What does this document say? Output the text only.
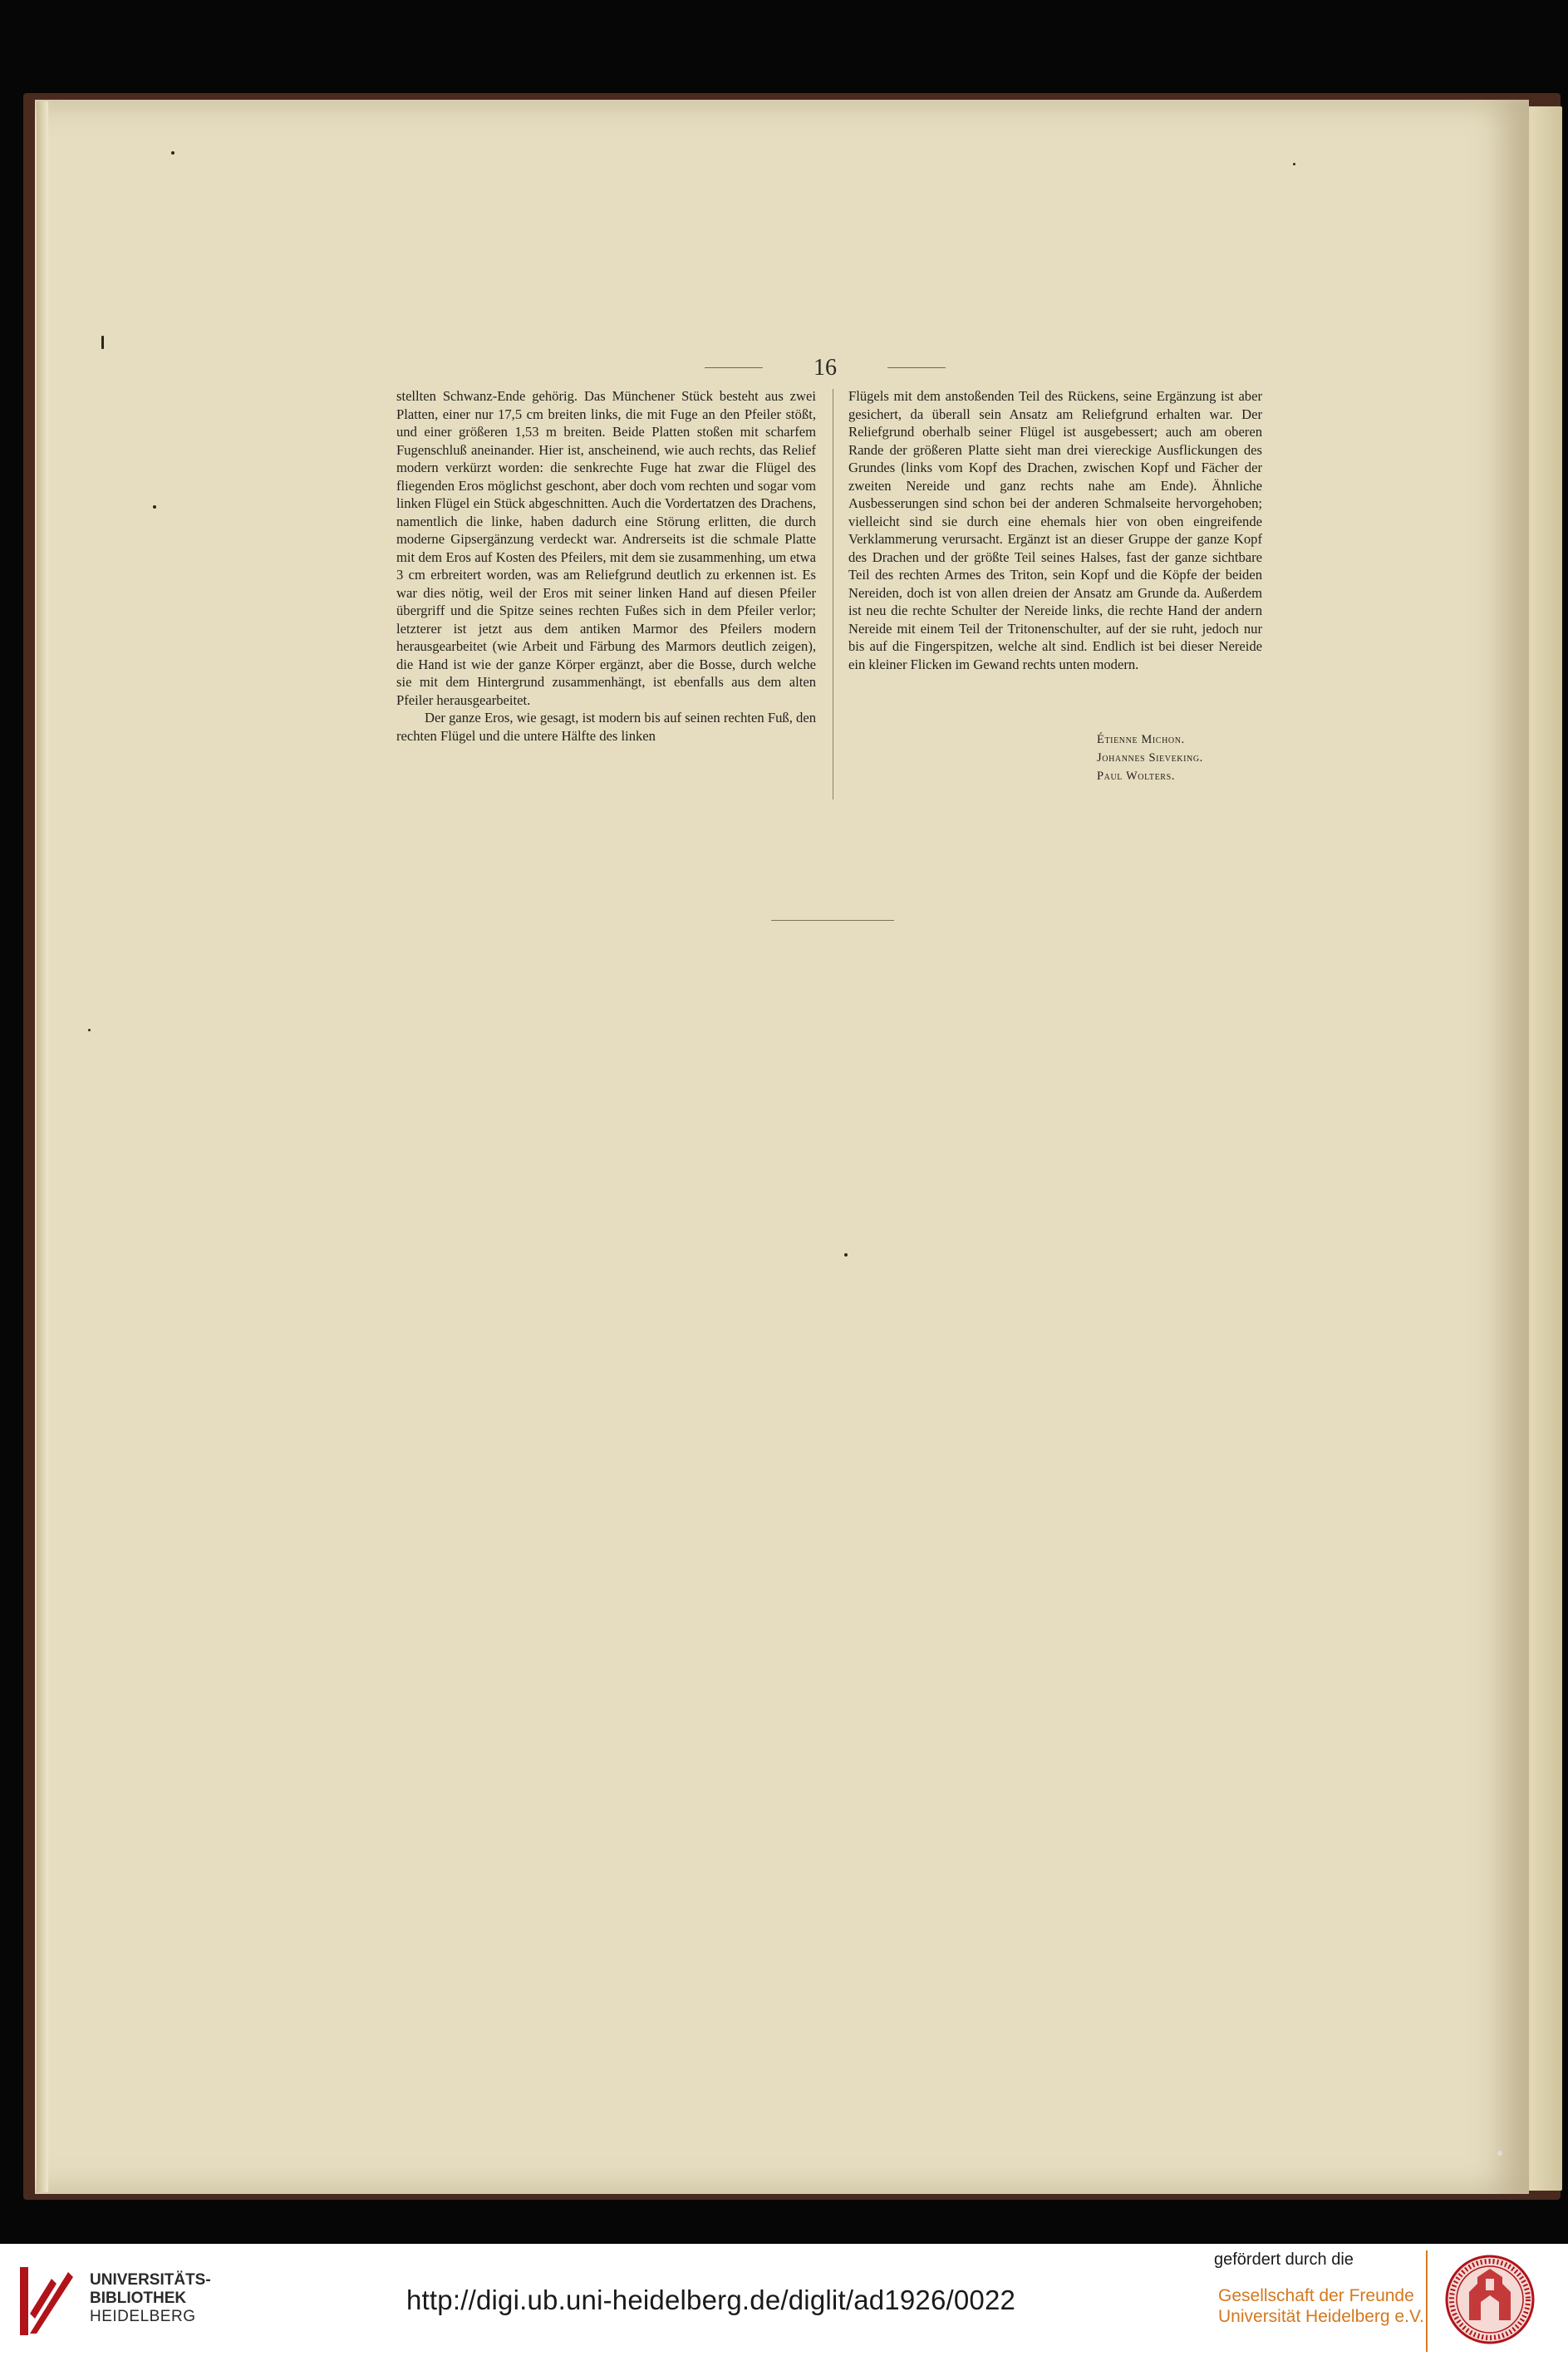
16

stellten Schwanz-Ende gehörig. Das Münchener Stück besteht aus zwei Platten, einer nur 17,5 cm breiten links, die mit Fuge an den Pfeiler stößt, und einer größeren 1,53 m breiten. Beide Platten stoßen mit scharfem Fugenschluß aneinander. Hier ist, anscheinend, wie auch rechts, das Relief modern verkürzt worden: die senkrechte Fuge hat zwar die Flügel des fliegenden Eros möglichst geschont, aber doch vom rechten und sogar vom linken Flügel ein Stück abgeschnitten. Auch die Vordertatzen des Drachens, namentlich die linke, haben dadurch eine Störung erlitten, die durch moderne Gipsergänzung verdeckt war. Andrerseits ist die schmale Platte mit dem Eros auf Kosten des Pfeilers, mit dem sie zusammenhing, um etwa 3 cm erbreitert worden, was am Reliefgrund deutlich zu erkennen ist. Es war dies nötig, weil der Eros mit seiner linken Hand auf diesen Pfeiler übergriff und die Spitze seines rechten Fußes sich in dem Pfeiler verlor; letzterer ist jetzt aus dem antiken Marmor des Pfeilers modern herausgearbeitet (wie Arbeit und Färbung des Marmors deutlich zeigen), die Hand ist wie der ganze Körper ergänzt, aber die Bosse, durch welche sie mit dem Hintergrund zusammenhängt, ist ebenfalls aus dem alten Pfeiler herausgearbeitet.

Der ganze Eros, wie gesagt, ist modern bis auf seinen rechten Fuß, den rechten Flügel und die untere Hälfte des linken

Flügels mit dem anstoßenden Teil des Rückens, seine Ergänzung ist aber gesichert, da überall sein Ansatz am Reliefgrund erhalten war. Der Reliefgrund oberhalb seiner Flügel ist ausgebessert; auch am oberen Rande der größeren Platte sieht man drei viereckige Ausflickungen des Grundes (links vom Kopf des Drachen, zwischen Kopf und Fächer der zweiten Nereide und ganz rechts nahe am Ende). Ähnliche Ausbesserungen sind schon bei der anderen Schmalseite hervorgehoben; vielleicht sind sie durch eine ehemals hier von oben eingreifende Verklammerung verursacht. Ergänzt ist an dieser Gruppe der ganze Kopf des Drachen und der größte Teil seines Halses, fast der ganze sichtbare Teil des rechten Armes des Triton, sein Kopf und die Köpfe der beiden Nereiden, doch ist von allen dreien der Ansatz am Grunde da. Außerdem ist neu die rechte Schulter der Nereide links, die rechte Hand der andern Nereide mit einem Teil der Tritonenschulter, auf der sie ruht, jedoch nur bis auf die Fingerspitzen, welche alt sind. Endlich ist bei dieser Nereide ein kleiner Flicken im Gewand rechts unten modern.

Étienne Michon.
Johannes Sieveking.
Paul Wolters.
UNIVERSITÄTS-
BIBLIOTHEK
HEIDELBERG
http://digi.ub.uni-heidelberg.de/diglit/ad1926/0022
gefördert durch die
Gesellschaft der Freunde
Universität Heidelberg e.V.
